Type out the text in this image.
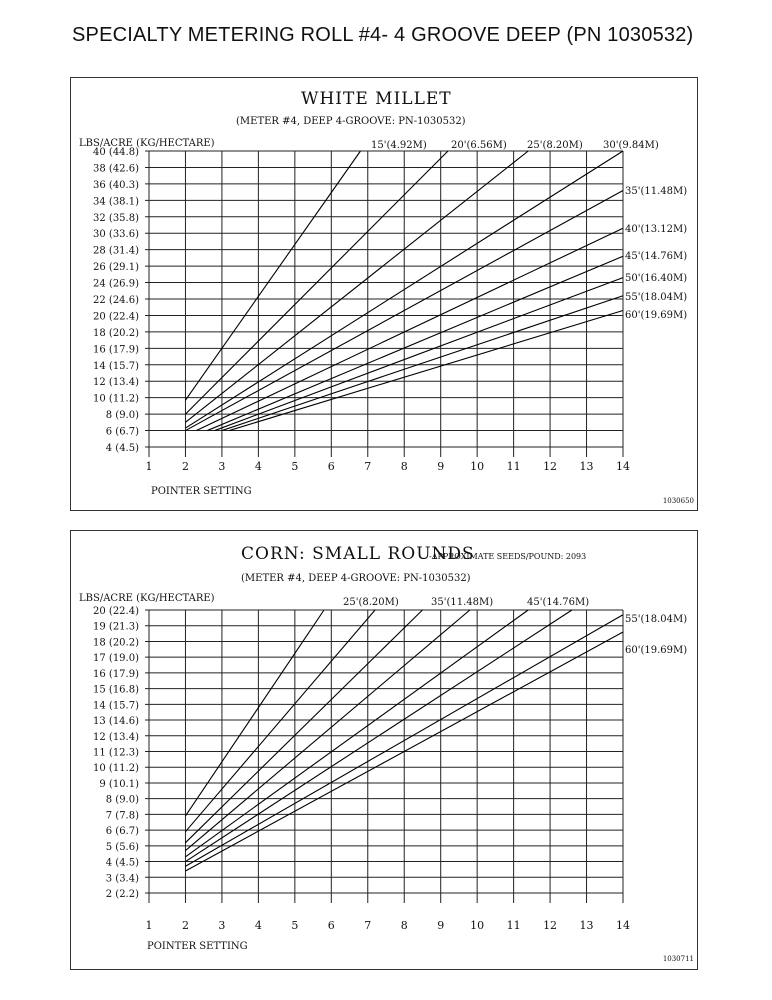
SPECIALTY METERING ROLL #4- 4 GROOVE DEEP (PN 1030532)
WHITE MILLET
(METER #4, DEEP 4-GROOVE: PN-1030532)
LBS/ACRE (KG/HECTARE)
POINTER SETTING
1030650
1	2	3	4	5	6	7	8	9 10 11 12 13 14
40 (44.8)
38 (42.6)
36 (40.3)
34 (38.1)
32 (35.8)
30 (33.6)
28 (31.4)
26 (29.1)
24 (26.9)
22 (24.6)
20 (22.4)
18 (20.2)
16 (17.9)
14 (15.7)
12 (13.4)
10 (11.2)
8 (9.0)
6 (6.7)
4 (4.5)
15'(4.92M) 20'(6.56M) 25'(8.20M) 30'(9.84M)
35'(11.48M)
40'(13.12M)
45'(14.76M)
50'(16.40M)
55'(18.04M)
60'(19.69M)
CORN: SMALL ROUNDS
-APPROXIMATE SEEDS/POUND: 2093
(METER #4, DEEP 4-GROOVE: PN-1030532)
LBS/ACRE (KG/HECTARE)
POINTER SETTING
1030711
1	2	3	4	5	6	7	8	9 10 11 12 13 14
20 (22.4)
19 (21.3)
18 (20.2)
17 (19.0)
16 (17.9)
15 (16.8)
14 (15.7)
13 (14.6)
12 (13.4)
11 (12.3)
10 (11.2)
9 (10.1)
8 (9.0)
7 (7.8)
6 (6.7)
5 (5.6)
4 (4.5)
3 (3.4)
2 (2.2)
25'(8.20M)	35'(11.48M)	45'(14.76M)
55'(18.04M)
60'(19.69M)
